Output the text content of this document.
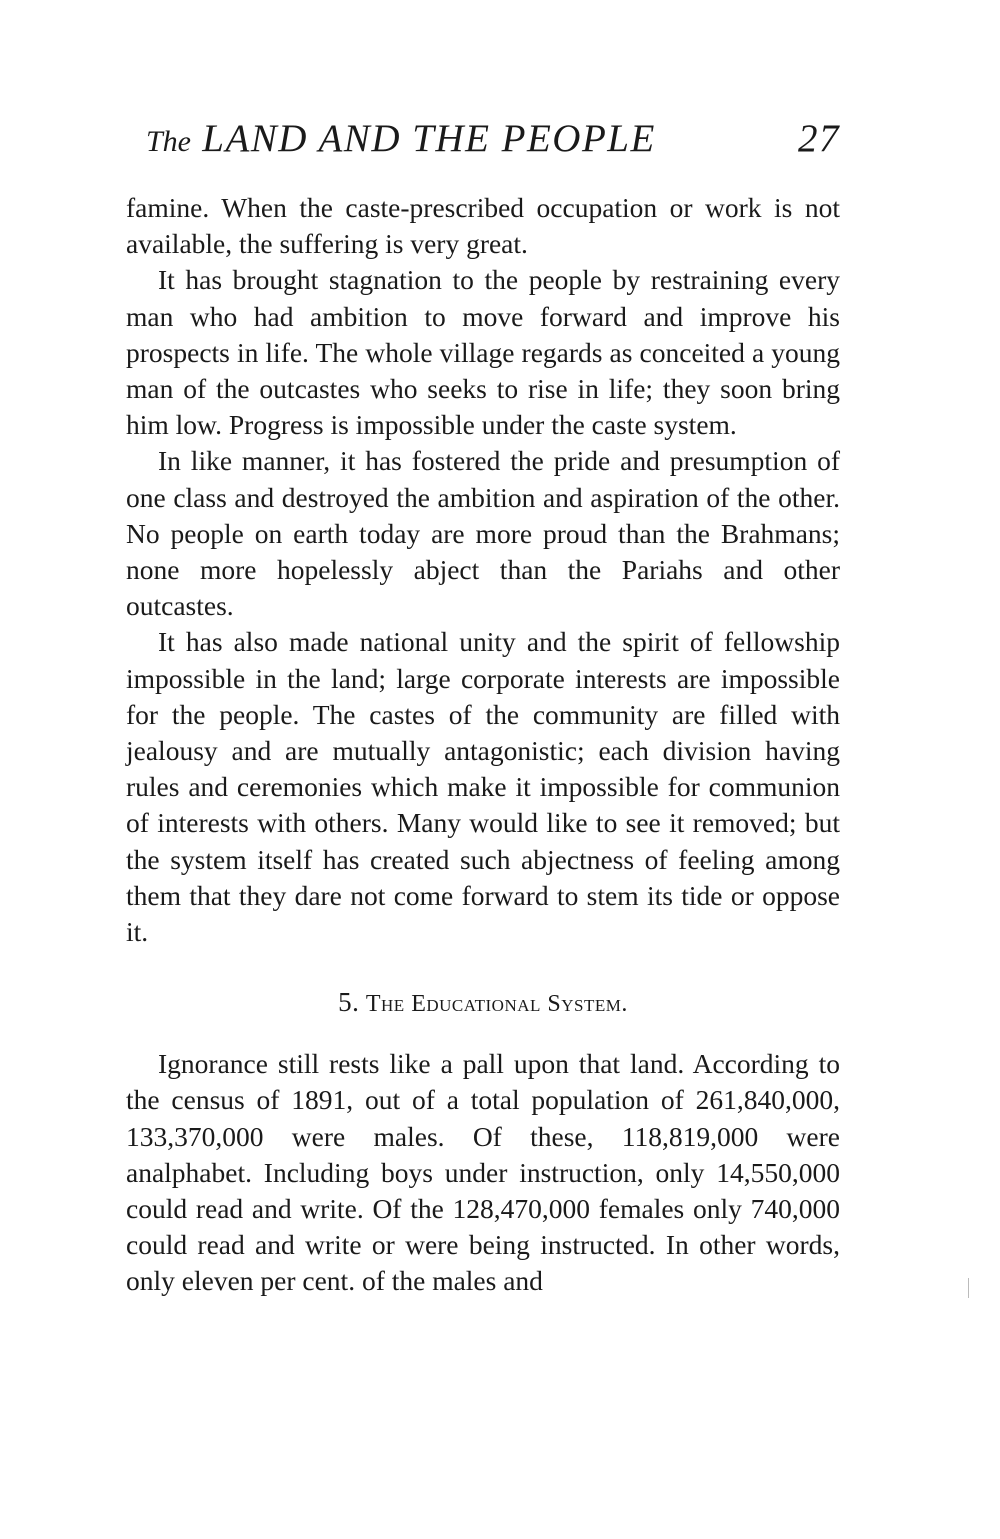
The LAND AND THE PEOPLE	27

famine. When the caste-prescribed occupation or work is not available, the suffering is very great.

It has brought stagnation to the people by restraining every man who had ambition to move forward and improve his prospects in life. The whole village regards as conceited a young man of the outcastes who seeks to rise in life; they soon bring him low. Progress is impossible under the caste system.

In like manner, it has fostered the pride and presumption of one class and destroyed the ambition and aspiration of the other. No people on earth today are more proud than the Brahmans; none more hopelessly abject than the Pariahs and other outcastes.

It has also made national unity and the spirit of fellowship impossible in the land; large corporate interests are impossible for the people. The castes of the community are filled with jealousy and are mutually antagonistic; each division having rules and ceremonies which make it impossible for communion of interests with others. Many would like to see it removed; but the system itself has created such abjectness of feeling among them that they dare not come forward to stem its tide or oppose it.

5. The Educational System.

Ignorance still rests like a pall upon that land. According to the census of 1891, out of a total population of 261,840,000, 133,370,000 were males. Of these, 118,819,000 were analphabet. Including boys under instruction, only 14,550,000 could read and write. Of the 128,470,000 females only 740,000 could read and write or were being instructed. In other words, only eleven per cent. of the males and
